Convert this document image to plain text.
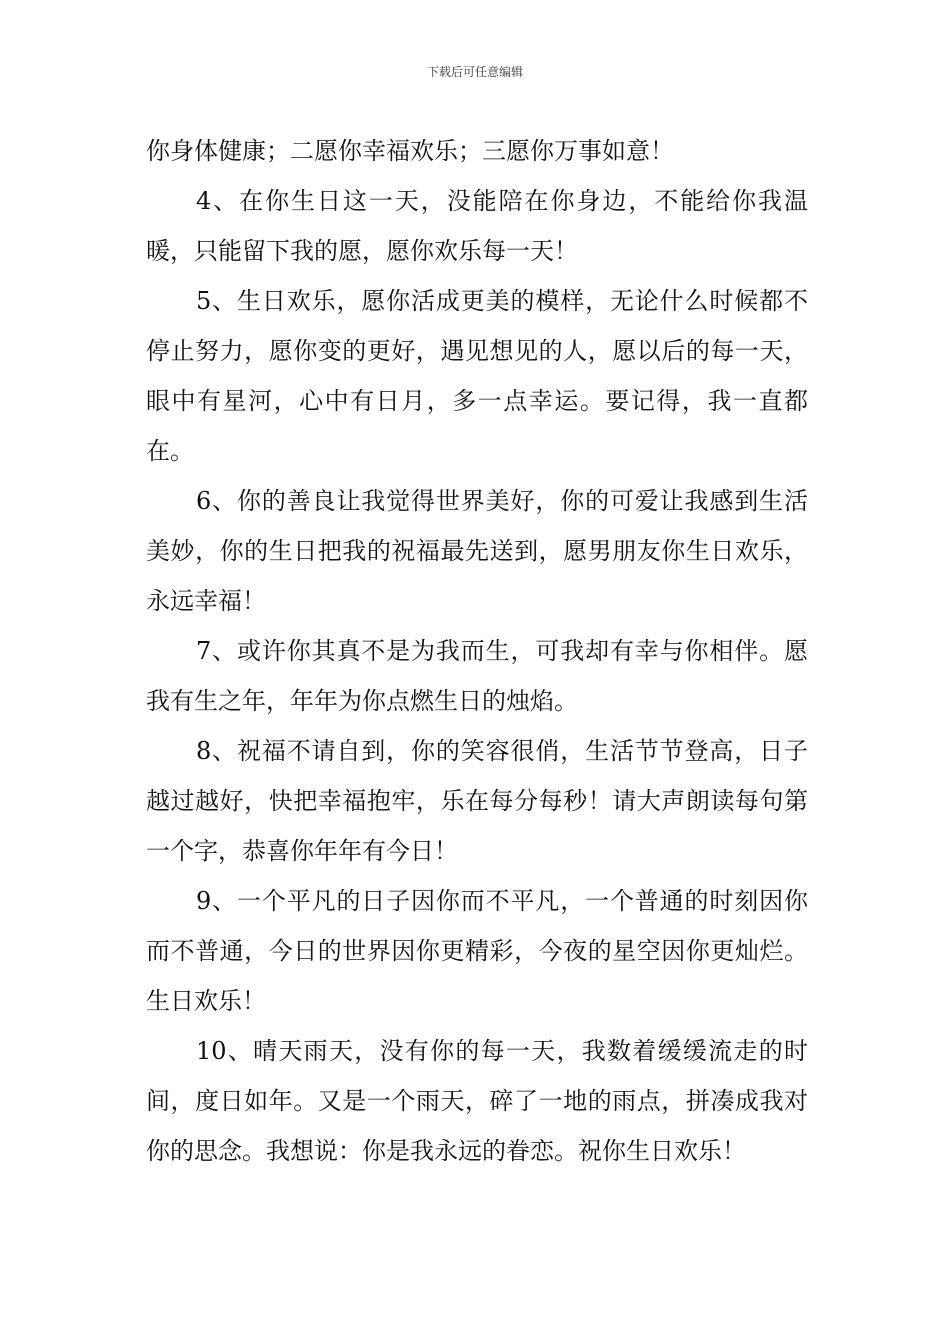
下载后可任意编辑

你身体健康；二愿你幸福欢乐；三愿你万事如意！

4、在你生日这一天，没能陪在你身边，不能给你我温暖，只能留下我的愿，愿你欢乐每一天！

5、生日欢乐，愿你活成更美的模样，无论什么时候都不停止努力，愿你变的更好，遇见想见的人，愿以后的每一天，眼中有星河，心中有日月，多一点幸运。要记得，我一直都在。

6、你的善良让我觉得世界美好，你的可爱让我感到生活美妙，你的生日把我的祝福最先送到，愿男朋友你生日欢乐，永远幸福！

7、或许你其真不是为我而生，可我却有幸与你相伴。愿我有生之年，年年为你点燃生日的烛焰。

8、祝福不请自到，你的笑容很俏，生活节节登高，日子越过越好，快把幸福抱牢，乐在每分每秒！请大声朗读每句第一个字，恭喜你年年有今日！

9、一个平凡的日子因你而不平凡，一个普通的时刻因你而不普通，今日的世界因你更精彩，今夜的星空因你更灿烂。生日欢乐！

10、晴天雨天，没有你的每一天，我数着缓缓流走的时间，度日如年。又是一个雨天，碎了一地的雨点，拼凑成我对你的思念。我想说：你是我永远的眷恋。祝你生日欢乐！
